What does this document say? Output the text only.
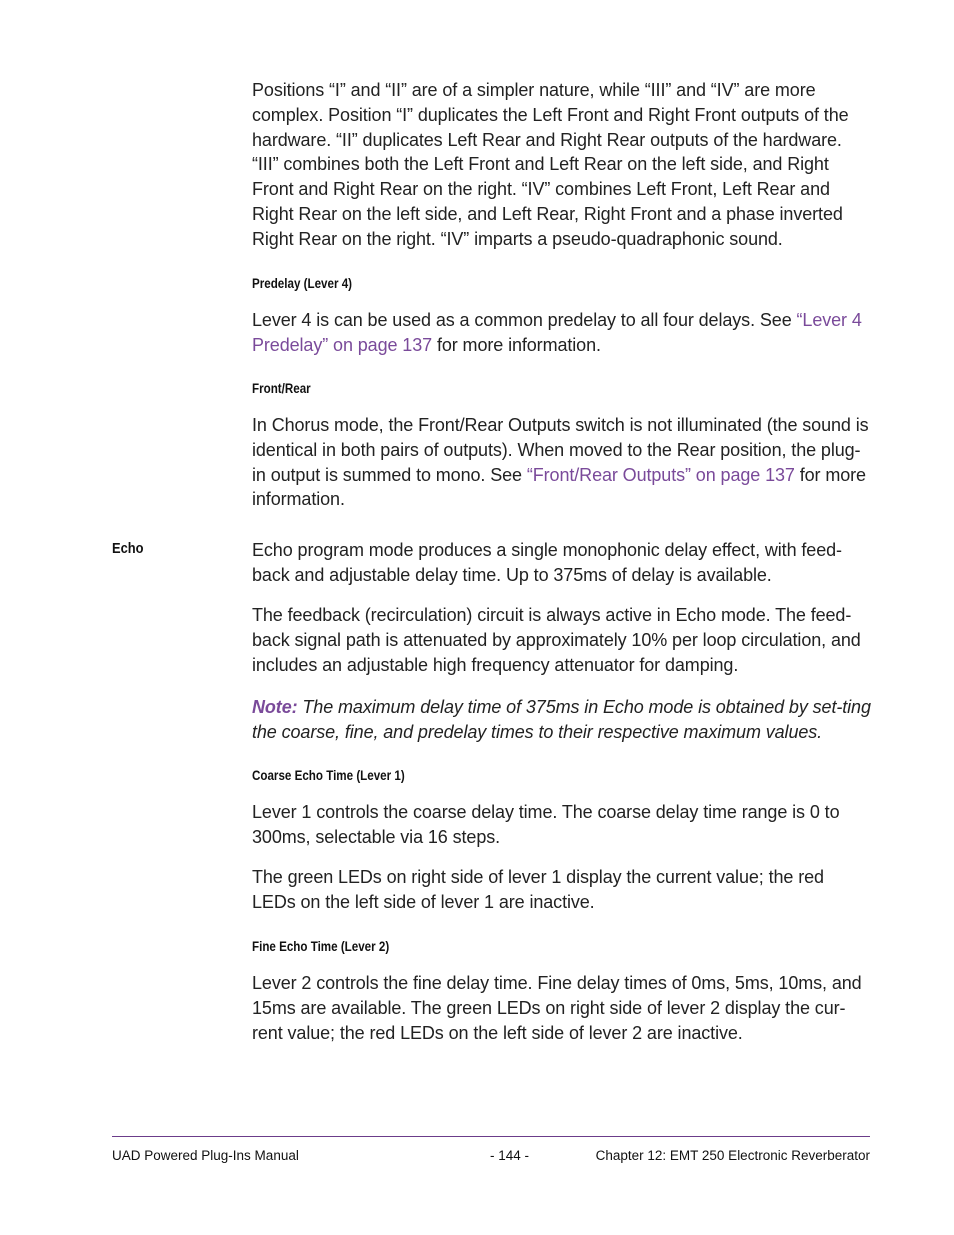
Positions “I” and “II” are of a simpler nature, while “III” and “IV” are more complex. Position “I” duplicates the Left Front and Right Front outputs of the hardware. “II” duplicates Left Rear and Right Rear outputs of the hardware. “III” combines both the Left Front and Left Rear on the left side, and Right Front and Right Rear on the right. “IV” combines Left Front, Left Rear and Right Rear on the left side, and Left Rear, Right Front and a phase inverted Right Rear on the right. “IV” imparts a pseudo-quadraphonic sound.
Predelay (Lever 4)
Lever 4 is can be used as a common predelay to all four delays. See “Lever 4 Predelay” on page 137 for more information.
Front/Rear
In Chorus mode, the Front/Rear Outputs switch is not illuminated (the sound is identical in both pairs of outputs). When moved to the Rear position, the plug-in output is summed to mono. See “Front/Rear Outputs” on page 137 for more information.
Echo	Echo program mode produces a single monophonic delay effect, with feed-back and adjustable delay time. Up to 375ms of delay is available.
The feedback (recirculation) circuit is always active in Echo mode. The feed-back signal path is attenuated by approximately 10% per loop circulation, and includes an adjustable high frequency attenuator for damping.
Note: The maximum delay time of 375ms in Echo mode is obtained by set-ting the coarse, fine, and predelay times to their respective maximum values.
Coarse Echo Time (Lever 1)
Lever 1 controls the coarse delay time. The coarse delay time range is 0 to 300ms, selectable via 16 steps.
The green LEDs on right side of lever 1 display the current value; the red LEDs on the left side of lever 1 are inactive.
Fine Echo Time (Lever 2)
Lever 2 controls the fine delay time. Fine delay times of 0ms, 5ms, 10ms, and 15ms are available. The green LEDs on right side of lever 2 display the cur-rent value; the red LEDs on the left side of lever 2 are inactive.
UAD Powered Plug-Ins Manual	- 144 -	Chapter 12: EMT 250 Electronic Reverberator
